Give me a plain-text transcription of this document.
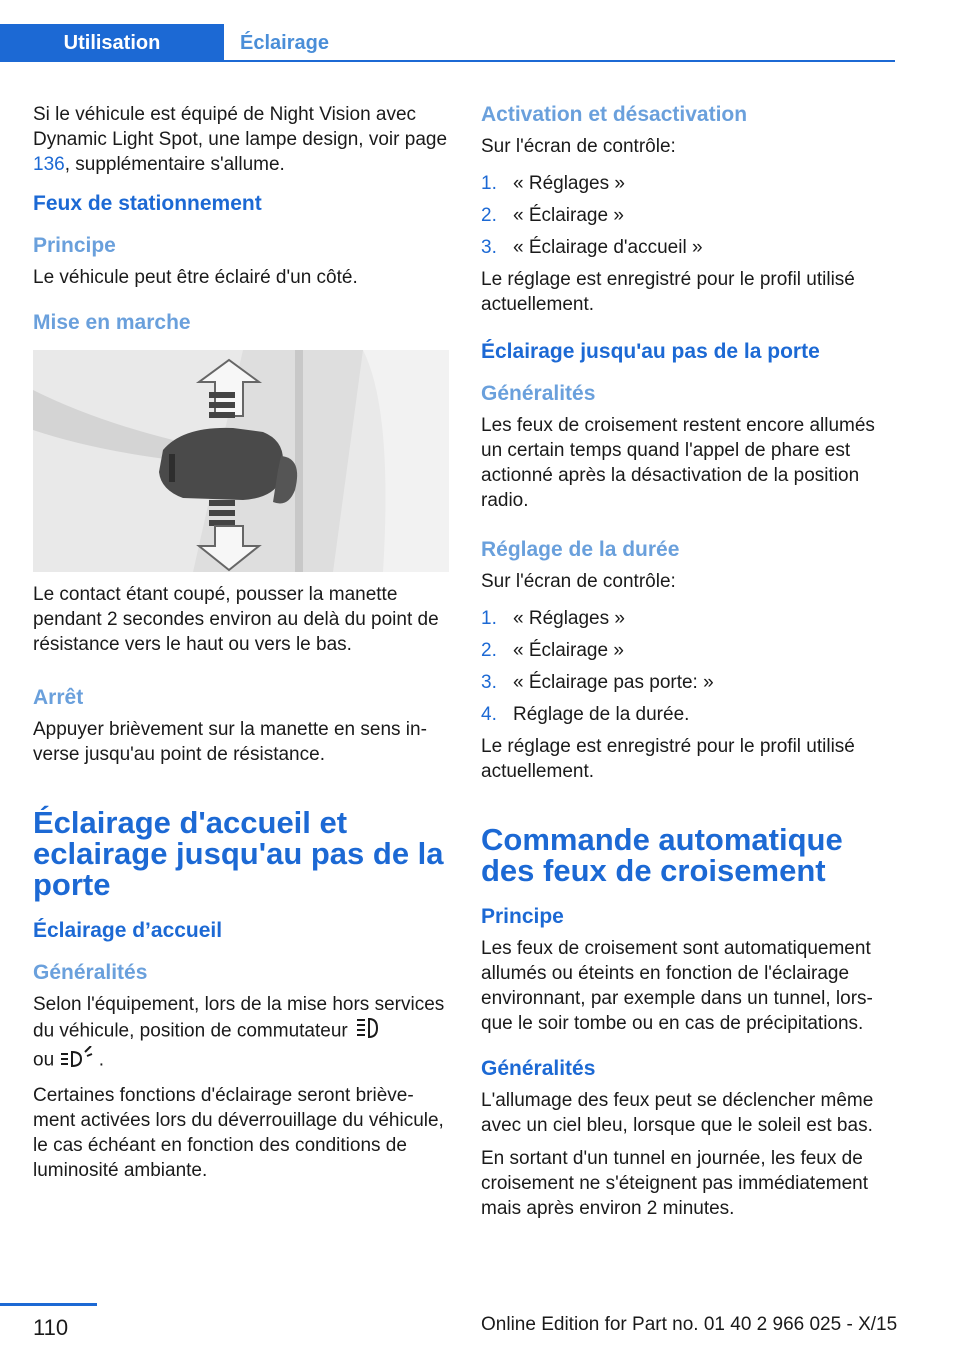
Utilisation	Éclairage

Si le véhicule est équipé de Night Vision avec Dynamic Light Spot, une lampe design, voir page 136, supplémentaire s'allume.

Feux de stationnement
Principe

Le véhicule peut être éclairé d'un côté.

Mise en marche

Le contact étant coupé, pousser la manette pendant 2 secondes environ au delà du point de résistance vers le haut ou vers le bas.

Arrêt

Appuyer brièvement sur la manette en sens inverse jusqu'au point de résistance.

Éclairage d'accueil et eclairage jusqu'au pas de la porte
Éclairage d’accueil
Généralités

Selon l'équipement, lors de la mise hors services du véhicule, position de commutateur
ou .

Certaines fonctions d'éclairage seront brièvement activées lors du déverrouillage du véhicule, le cas échéant en fonction des conditions de luminosité ambiante.

Activation et désactivation

Sur l'écran de contrôle:

1. « Réglages »
2. « Éclairage »
3. « Éclairage d'accueil »

Le réglage est enregistré pour le profil utilisé actuellement.

Éclairage jusqu'au pas de la porte
Généralités

Les feux de croisement restent encore allumés un certain temps quand l'appel de phare est actionné après la désactivation de la position radio.

Réglage de la durée

Sur l'écran de contrôle:

1. « Réglages »
2. « Éclairage »
3. « Éclairage pas porte: »
4. Réglage de la durée.

Le réglage est enregistré pour le profil utilisé actuellement.

Commande automatique des feux de croisement
Principe

Les feux de croisement sont automatiquement allumés ou éteints en fonction de l'éclairage environnant, par exemple dans un tunnel, lorsque le soir tombe ou en cas de précipitations.

Généralités

L'allumage des feux peut se déclencher même avec un ciel bleu, lorsque que le soleil est bas.

En sortant d'un tunnel en journée, les feux de croisement ne s'éteignent pas immédiatement mais après environ 2 minutes.

110	Online Edition for Part no. 01 40 2 966 025 - X/15
